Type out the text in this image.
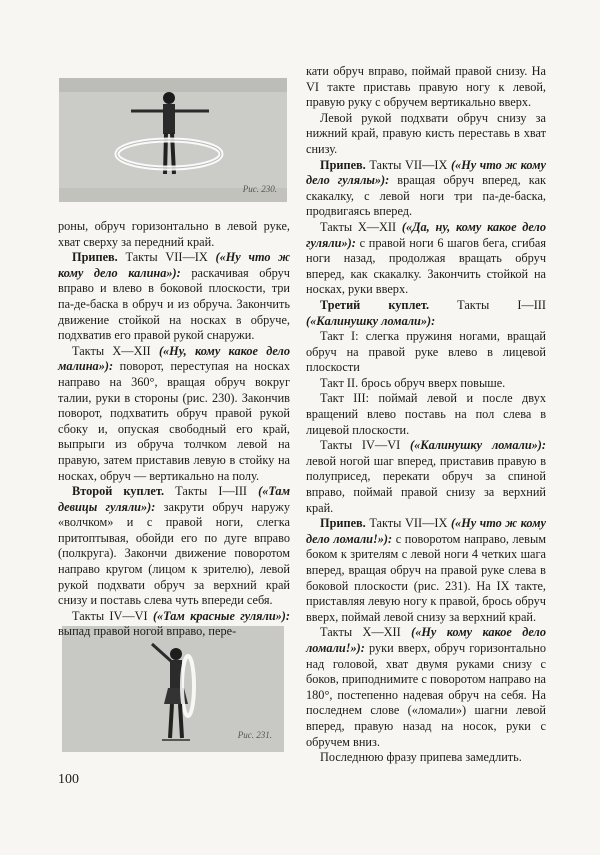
Рис. 230.
Рис. 231.

роны, обруч горизонтально в левой руке, хват сверху за передний край.

Припев. Такты VII—IX («Ну что ж кому дело калина»): раскачивая обруч вправо и влево в боковой плоскости, три па-де-баска в обруч и из обруча. Закончить движение стойкой на носках в обруче, подхватив его правой рукой снаружи.

Такты X—XII («Ну, кому какое дело малина»): поворот, переступая на носках направо на 360°, вращая обруч вокруг талии, руки в стороны (рис. 230). Закончив поворот, подхватить обруч правой рукой сбоку и, опуская свободный его край, выпрыги из обруча толчком левой на правую, затем приставив левую в стойку на носках, обруч — вертикально на полу.

Второй куплет. Такты I—III («Там девицы гуляли»): закрути обруч наружу «волчком» и с правой ноги, слегка притоптывая, обойди его по дуге вправо (полкруга). Закончи движение поворотом направо кругом (лицом к зрителю), левой рукой подхвати обруч за верхний край снизу и поставь слева чуть впереди себя.

Такты IV—VI («Там красные гуляли»): выпад правой ногой вправо, пере-

кати обруч вправо, поймай правой снизу. На VI такте приставь правую ногу к левой, правую руку с обручем вертикально вверх.

Левой рукой подхвати обруч снизу за нижний край, правую кисть переставь в хват снизу.

Припев. Такты VII—IX («Ну что ж кому дело гулялы»): вращая обруч вперед, как скакалку, с левой ноги три па-де-баска, продвигаясь вперед.

Такты X—XII («Да, ну, кому какое дело гуляли»): с правой ноги 6 шагов бега, сгибая ноги назад, продолжая вращать обруч вперед, как скакалку. Закончить стойкой на носках, руки вверх.

Третий куплет. Такты I—III («Калинушку ломали»):

Такт I: слегка пружиня ногами, вращай обруч на правой руке влево в лицевой плоскости

Такт II. брось обруч вверх повыше.

Такт III: поймай левой и после двух вращений влево поставь на пол слева в лицевой плоскости.

Такты IV—VI («Калинушку ломали»): левой ногой шаг вперед, приставив правую в полуприсед, перекати обруч за спиной вправо, поймай правой снизу за верхний край.

Припев. Такты VII—IX («Ну что ж кому дело ломали!»): с поворотом направо, левым боком к зрителям с левой ноги 4 четких шага вперед, вращая обруч на правой руке слева в боковой плоскости (рис. 231). На IX такте, приставляя левую ногу к правой, брось обруч вверх, поймай левой снизу за верхний край.

Такты X—XII («Ну кому какое дело ломали!»): руки вверх, обруч горизонтально над головой, хват двумя руками снизу с боков, приподнимите с поворотом направо на 180°, постепенно надевая обруч на себя. На последнем слове («ломали») шагни левой вперед, правую назад на носок, руки с обручем вниз.

Последнюю фразу припева замедлить.

100
